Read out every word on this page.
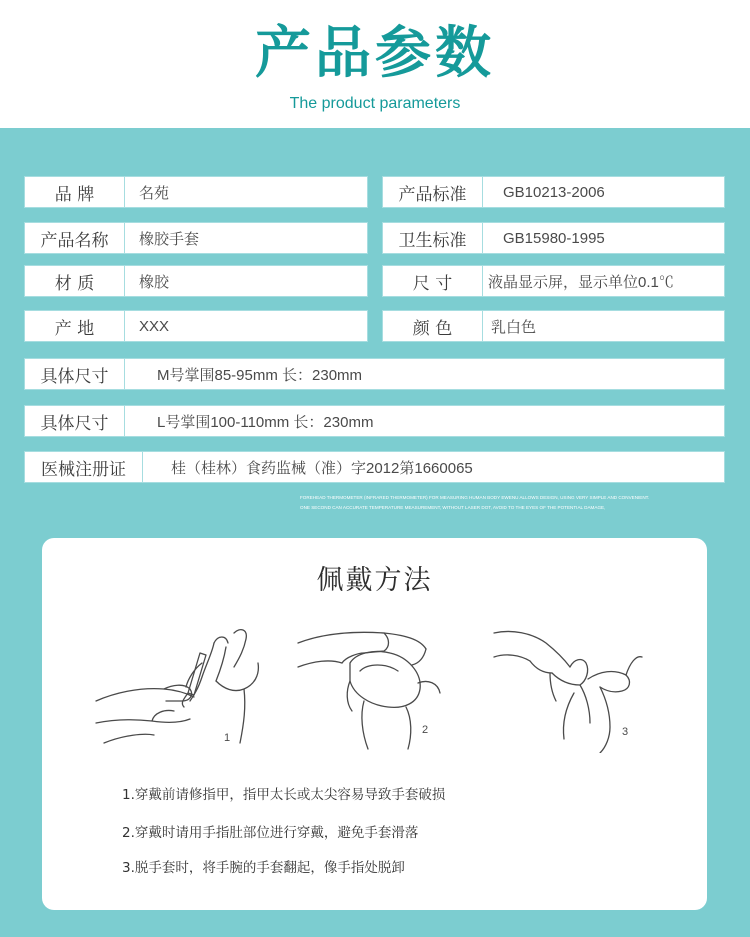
产品参数
The product parameters
品 牌	名苑	产品标准	GB10213-2006
产品名称	橡胶手套	卫生标准	GB15980-1995
材 质	橡胶	尺 寸	液晶显示屏，显示单位0.1℃
产 地	XXX	颜 色	乳白色
具体尺寸	M号掌围85-95mm 长：230mm
具体尺寸	L号掌围100-110mm 长：230mm
医械注册证	桂（桂林）食药监械（准）字2012第1660065
FOREHEAD THERMOMETER (INFRARED THERMOMETER) FOR MEASURING HUMAN BODY EWENU ALLOWS DESIGN, USING VERY SIMPLE AND CONVENIENT.
ONE SECOND CAN ACCURATE TEMPERATURE MEASUREMENT, WITHOUT LASER DOT, AVOID TO THE EYES OF THE POTENTIAL DAMAGE,
佩戴方法
1
2	3
1.穿戴前请修指甲，指甲太长或太尖容易导致手套破损
2.穿戴时请用手指肚部位进行穿戴，避免手套滑落
3.脱手套时，将手腕的手套翻起，像手指处脱卸
